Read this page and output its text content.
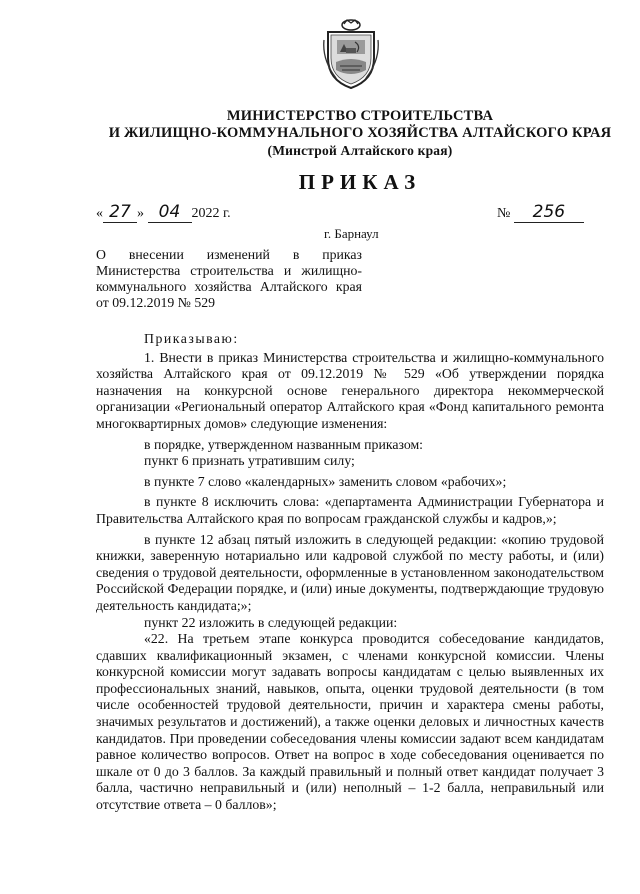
МИНИСТЕРСТВО СТРОИТЕЛЬСТВА
И ЖИЛИЩНО-КОММУНАЛЬНОГО ХОЗЯЙСТВА АЛТАЙСКОГО КРАЯ
(Минстрой Алтайского края)
ПРИКАЗ
« 27 » 04 2022 г.	№ 256
г. Барнаул
О внесении изменений в приказ Министерства строительства и жилищно-коммунального хозяйства Алтайского края от 09.12.2019 № 529

Приказываю:

1. Внести в приказ Министерства строительства и жилищно-коммунального хозяйства Алтайского края от 09.12.2019 № 529 «Об утверждении порядка назначения на конкурсной основе генерального директора некоммерческой организации «Региональный оператор Алтайского края «Фонд капитального ремонта многоквартирных домов» следующие изменения:

в порядке, утвержденном названным приказом:

пункт 6 признать утратившим силу;

в пункте 7 слово «календарных» заменить словом «рабочих»;

в пункте 8 исключить слова: «департамента Администрации Губернатора и Правительства Алтайского края по вопросам гражданской службы и кадров,»;

в пункте 12 абзац пятый изложить в следующей редакции: «копию трудовой книжки, заверенную нотариально или кадровой службой по месту работы, и (или) сведения о трудовой деятельности, оформленные в установленном законодательством Российской Федерации порядке, и (или) иные документы, подтверждающие трудовую деятельность кандидата;»;

пункт 22 изложить в следующей редакции:

«22. На третьем этапе конкурса проводится собеседование кандидатов, сдавших квалификационный экзамен, с членами конкурсной комиссии. Члены конкурсной комиссии могут задавать вопросы кандидатам с целью выявленных их профессиональных знаний, навыков, опыта, оценки трудовой деятельности (в том числе особенностей трудовой деятельности, причин и характера смены работы, значимых результатов и достижений), а также оценки деловых и личностных качеств кандидатов. При проведении собеседования члены комиссии задают всем кандидатам равное количество вопросов. Ответ на вопрос в ходе собеседования оценивается по шкале от 0 до 3 баллов. За каждый правильный и полный ответ кандидат получает 3 балла, частично неправильный и (или) неполный – 1-2 балла, неправильный или отсутствие ответа – 0 баллов»;
